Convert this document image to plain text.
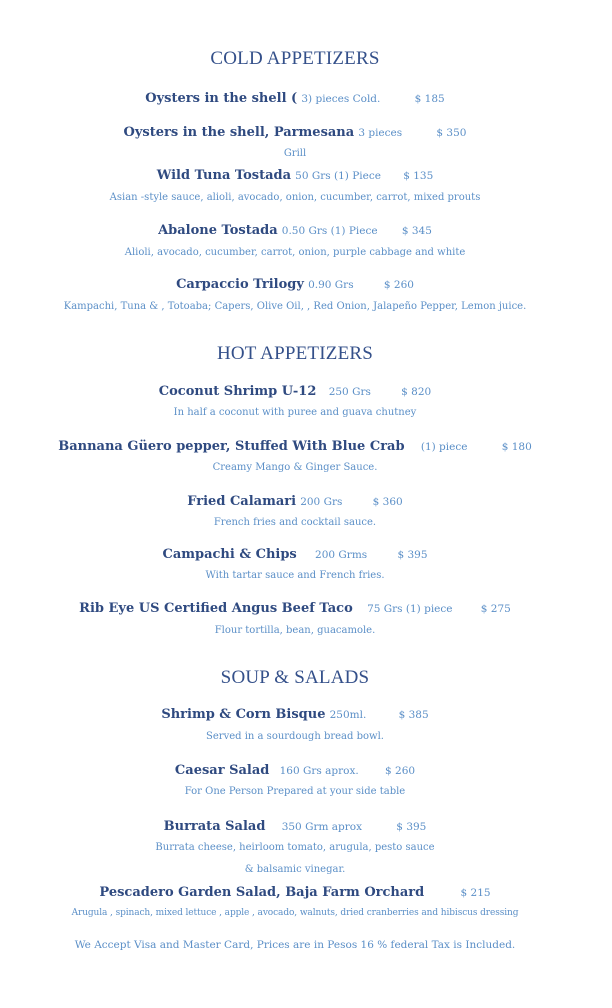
COLD APPETIZERS
Oysters in the shell ( 3) pieces Cold.	$ 185
Oysters in the shell, Parmesana 3 pieces	$ 350
Grill
Wild Tuna Tostada 50 Grs (1) Piece $ 135
Asian -style sauce, alioli, avocado, onion, cucumber, carrot, mixed prouts
Abalone Tostada 0.50 Grs (1) Piece $ 345
Alioli, avocado, cucumber, carrot, onion, purple cabbage and white
Carpaccio Trilogy 0.90 Grs	$ 260
Kampachi, Tuna & , Totoaba; Capers, Olive Oil, , Red Onion, Jalapeño Pepper, Lemon juice.
HOT APPETIZERS
Coconut Shrimp U-12 250 Grs	$ 820
In half a coconut with puree and guava chutney
Bannana Güero pepper, Stuffed With Blue Crab (1) piece	$ 180
Creamy Mango & Ginger Sauce.
Fried Calamari 200 Grs	$ 360
French fries and cocktail sauce.
Campachi & Chips 200 Grms	$ 395
With tartar sauce and French fries.
Rib Eye US Certified Angus Beef Taco 75 Grs (1) piece	$ 275
Flour tortilla, bean, guacamole.
SOUP & SALADS
Shrimp & Corn Bisque 250ml.	$ 385
Served in a sourdough bread bowl.
Caesar Salad 160 Grs aprox.	$ 260
For One Person Prepared at your side table
Burrata Salad 350 Grm aprox	$ 395
Burrata cheese, heirloom tomato, arugula, pesto sauce
& balsamic vinegar.
Pescadero Garden Salad, Baja Farm Orchard	$ 215
Arugula , spinach, mixed lettuce , apple , avocado, walnuts, dried cranberries and hibiscus dressing
We Accept Visa and Master Card, Prices are in Pesos 16 % federal Tax is Included.
